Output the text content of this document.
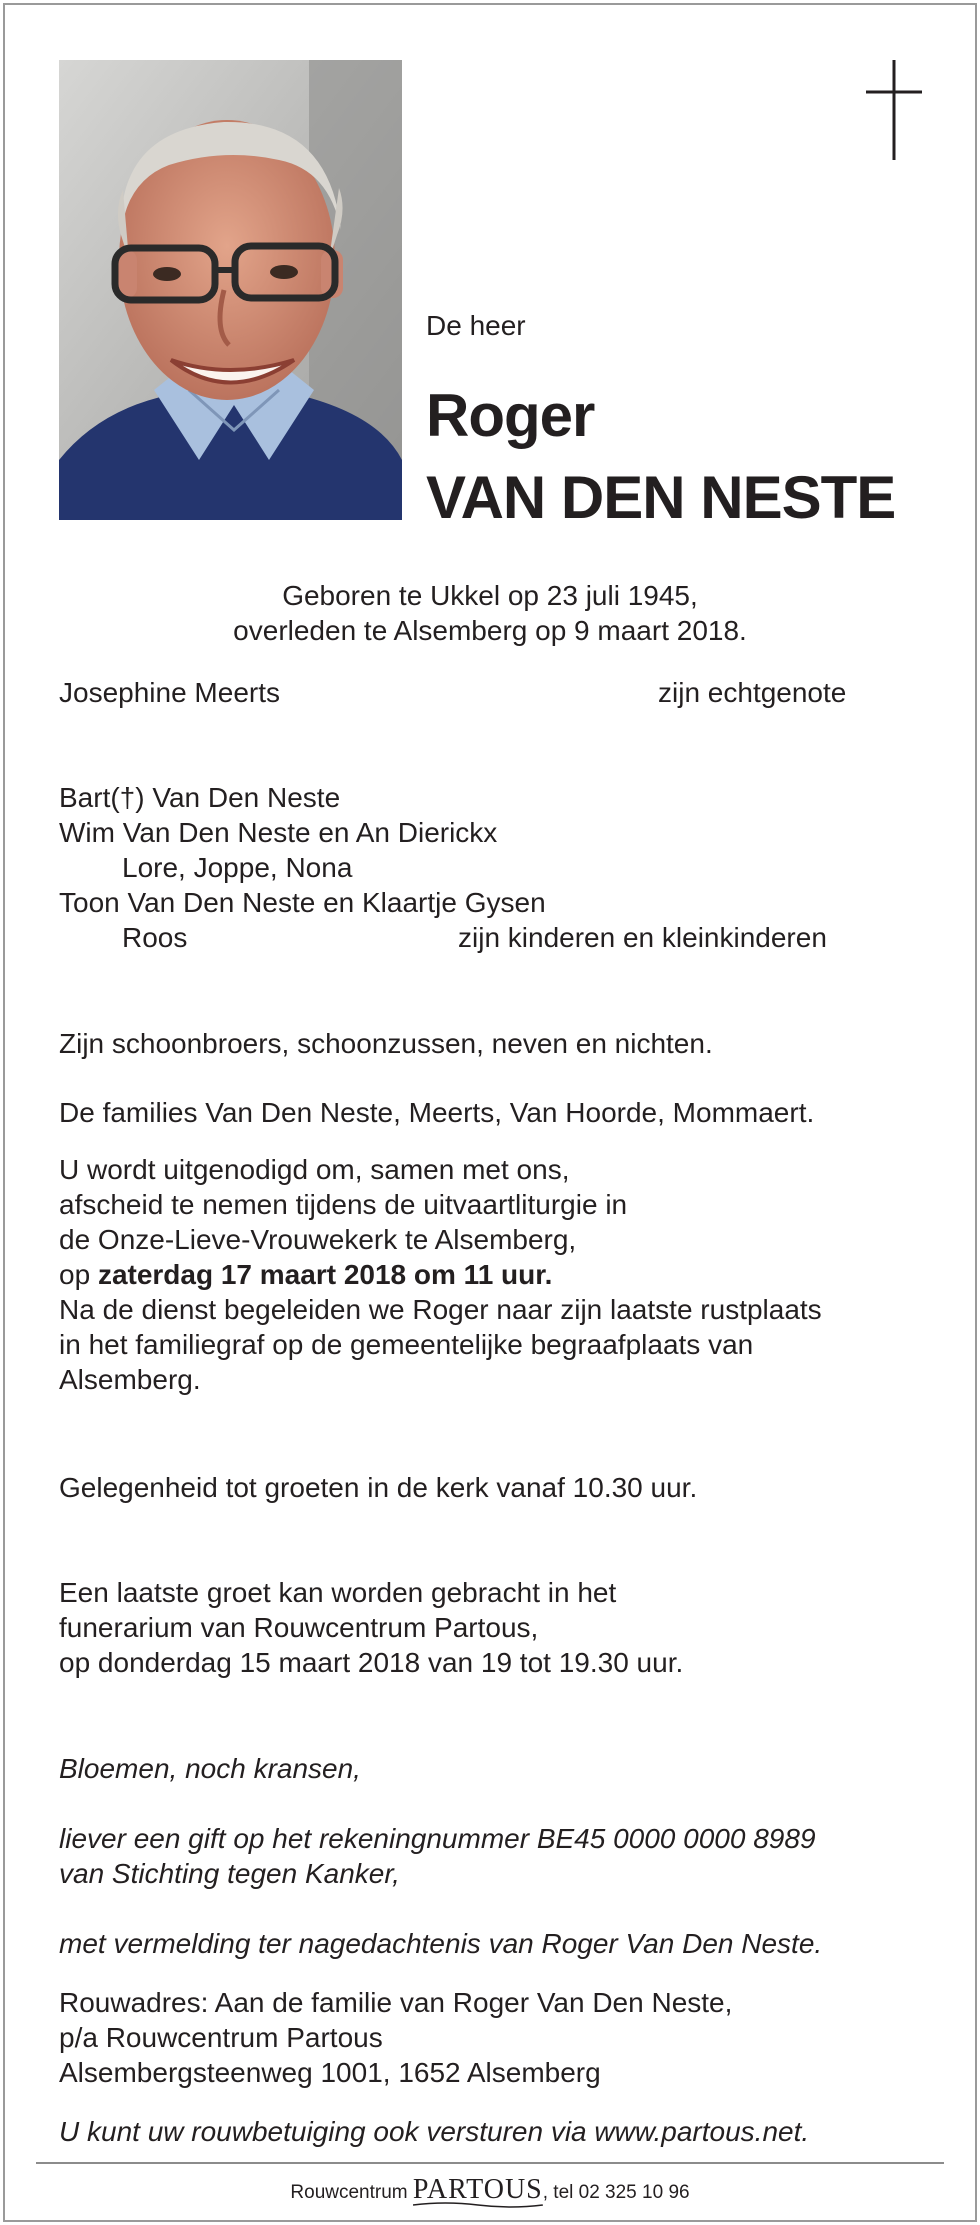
De heer
Roger
VAN DEN NESTE
Geboren te Ukkel op 23 juli 1945,
overleden te Alsemberg op 9 maart 2018.
Josephine Meerts	zijn echtgenote
Bart(†) Van Den Neste
Wim Van Den Neste en An Dierickx
Lore, Joppe, Nona
Toon Van Den Neste en Klaartje Gysen
Roos	zijn kinderen en kleinkinderen
Zijn schoonbroers, schoonzussen, neven en nichten.
De families Van Den Neste, Meerts, Van Hoorde, Mommaert.
U wordt uitgenodigd om, samen met ons,
afscheid te nemen tijdens de uitvaartliturgie in
de Onze-Lieve-Vrouwekerk te Alsemberg,
op zaterdag 17 maart 2018 om 11 uur.
Na de dienst begeleiden we Roger naar zijn laatste rustplaats
in het familiegraf op de gemeentelijke begraafplaats van
Alsemberg.
Gelegenheid tot groeten in de kerk vanaf 10.30 uur.
Een laatste groet kan worden gebracht in het
funerarium van Rouwcentrum Partous,
op donderdag 15 maart 2018 van 19 tot 19.30 uur.
Bloemen, noch kransen,
liever een gift op het rekeningnummer BE45 0000 0000 8989
van Stichting tegen Kanker,
met vermelding ter nagedachtenis van Roger Van Den Neste.
Rouwadres: Aan de familie van Roger Van Den Neste,
p/a Rouwcentrum Partous
Alsembergsteenweg 1001, 1652 Alsemberg
U kunt uw rouwbetuiging ook versturen via www.partous.net.
Rouwcentrum PARTOUS
, tel 02 325 10 96
